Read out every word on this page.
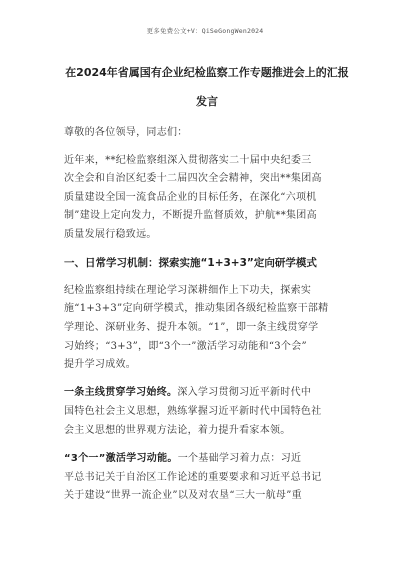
更多免费公文+V：QiSeGongWen2024
在2024年省属国有企业纪检监察工作专题推进会上的汇报
发言
尊敬的各位领导，同志们：
近年来，**纪检监察组深入贯彻落实二十届中央纪委三
次全会和自治区纪委十二届四次全会精神，突出**集团高
质量建设全国一流食品企业的目标任务，在深化“六项机
制”建设上定向发力，不断提升监督质效，护航**集团高
质量发展行稳致远。
一、日常学习机制：探索实施“1+3+3”定向研学模式
纪检监察组持续在理论学习深耕细作上下功夫，探索实
施“1+3+3”定向研学模式，推动集团各级纪检监察干部精
学理论、深研业务、提升本领。“1”，即一条主线贯穿学
习始终；“3+3”，即“3个一”激活学习动能和“3个会”
提升学习成效。
一条主线贯穿学习始终。深入学习贯彻习近平新时代中
国特色社会主义思想，熟练掌握习近平新时代中国特色社
会主义思想的世界观方法论，着力提升看家本领。
“3个一”激活学习动能。一个基础学习着力点：习近
平总书记关于自治区工作论述的重要要求和习近平总书记
关于建设“世界一流企业”以及对农垦“三大一航母”重
